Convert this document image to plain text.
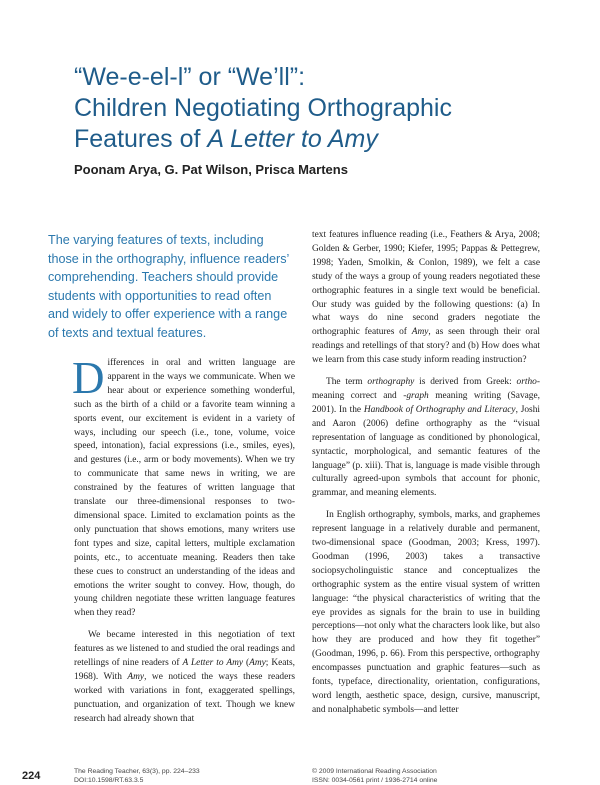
“We-e-el-l” or “We’ll”:
Children Negotiating Orthographic
Features of A Letter to Amy

Poonam Arya, G. Pat Wilson, Prisca Martens

The varying features of texts, including those in the orthography, influence readers’ comprehending. Teachers should provide students with opportunities to read often and widely to offer experience with a range of texts and textual features.

Differences in oral and written language are apparent in the ways we communicate. When we hear about or experience something wonderful, such as the birth of a child or a favorite team winning a sports event, our excitement is evident in a variety of ways, including our speech (i.e., tone, volume, voice speed, intonation), facial expressions (i.e., smiles, eyes), and gestures (i.e., arm or body movements). When we try to communicate that same news in writing, we are constrained by the features of written language that translate our three-dimensional responses to two-dimensional space. Limited to exclamation points as the only punctuation that shows emotions, many writers use font types and size, capital letters, multiple exclamation points, etc., to accentuate meaning. Readers then take these cues to construct an understanding of the ideas and emotions the writer sought to convey. How, though, do young children negotiate these written language features when they read?

We became interested in this negotiation of text features as we listened to and studied the oral readings and retellings of nine readers of A Letter to Amy (Amy; Keats, 1968). With Amy, we noticed the ways these readers worked with variations in font, exaggerated spellings, punctuation, and organization of text. Though we knew research had already shown that

text features influence reading (i.e., Feathers & Arya, 2008; Golden & Gerber, 1990; Kiefer, 1995; Pappas & Pettegrew, 1998; Yaden, Smolkin, & Conlon, 1989), we felt a case study of the ways a group of young readers negotiated these orthographic features in a single text would be beneficial. Our study was guided by the following questions: (a) In what ways do nine second graders negotiate the orthographic features of Amy, as seen through their oral readings and retellings of that story? and (b) How does what we learn from this case study inform reading instruction?

The term orthography is derived from Greek: ortho- meaning correct and -graph meaning writing (Savage, 2001). In the Handbook of Orthography and Literacy, Joshi and Aaron (2006) define orthography as the “visual representation of language as conditioned by phonological, syntactic, morphological, and semantic features of the language” (p. xiii). That is, language is made visible through culturally agreed-upon symbols that account for phonic, grammar, and meaning elements.

In English orthography, symbols, marks, and graphemes represent language in a relatively durable and permanent, two-dimensional space (Goodman, 2003; Kress, 1997). Goodman (1996, 2003) takes a transactive sociopsycholinguistic stance and conceptualizes the orthographic system as the entire visual system of written language: “the physical characteristics of writing that the eye provides as signals for the brain to use in building perceptions—not only what the characters look like, but also how they are produced and how they fit together” (Goodman, 1996, p. 66). From this perspective, orthography encompasses punctuation and graphic features—such as fonts, typeface, directionality, orientation, configurations, word length, aesthetic space, design, cursive, manuscript, and nonalphabetic symbols—and letter

224	The Reading Teacher, 63(3), pp. 224–233
DOI:10.1598/RT.63.3.5
© 2009 International Reading Association
ISSN: 0034-0561 print / 1936-2714 online
